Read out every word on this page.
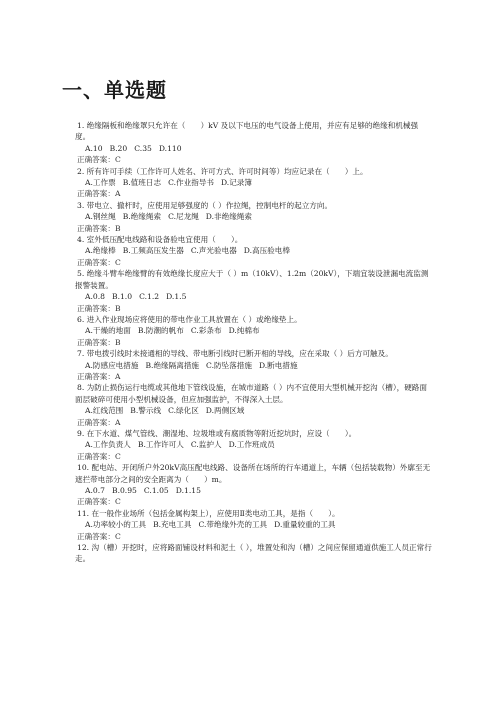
一、单选题
1. 绝缘隔板和绝缘罩只允许在（　　）kV 及以下电压的电气设备上使用，并应有足够的绝缘和机械强度。
A.10 B.20 C.35 D.110
正确答案：C
2. 所有许可手续（工作许可人姓名、许可方式、许可时间等）均应记录在（　　）上。
A.工作票 B.值班日志 C.作业指导书 D.记录簿
正确答案：A
3. 带电立、撤杆时，应使用足够强度的（ ）作拉绳，控制电杆的起立方向。
A.钢丝绳 B.绝缘绳索 C.尼龙绳 D.非绝缘绳索
正确答案：B
4. 室外低压配电线路和设备验电宜使用（　　）。
A.绝缘棒 B.工频高压发生器 C.声光验电器 D.高压验电棒
正确答案：C
5. 绝缘斗臂车绝缘臂的有效绝缘长度应大于（ ）m（10kV）、1.2m（20kV），下端宜装设泄漏电流监测报警装置。
A.0.8 B.1.0 C.1.2 D.1.5
正确答案：B
6. 进入作业现场应将使用的带电作业工具放置在（ ）或绝缘垫上。
A.干燥的地面 B.防潮的帆布 C.彩条布 D.纯棉布
正确答案：B
7. 带电拨引线时未接通相的导线、带电断引线时已断开相的导线，应在采取（ ）后方可触及。
A.防感应电措施 B.绝缘隔离措施 C.防坠落措施 D.断电措施
正确答案：A
8. 为防止损伤运行电缆或其他地下管线设施，在城市道路（ ）内不宜使用大型机械开挖沟（槽），硬路面面层破碎可使用小型机械设备，但应加强监护，不得深入土层。
A.红线范围 B.警示线 C.绿化区 D.两侧区域
正确答案：A
9. 在下水道、煤气管线、潮湿地、垃圾堆或有腐质物等附近挖坑时，应设（　　）。
A.工作负责人 B.工作许可人 C.监护人 D.工作班成员
正确答案：C
10. 配电站、开闭所户外20kV高压配电线路、设备所在场所的行车通道上，车辆（包括装载物）外廓至无遮拦带电部分之间的安全距离为（　　）m。
A.0.7 B.0.95 C.1.05 D.1.15
正确答案：C
11. 在一般作业场所（包括金属构架上），应使用Ⅱ类电动工具，是指（　　）。
A.功率较小的工具 B.充电工具 C.带绝缘外壳的工具 D.重量较重的工具
正确答案：C
12. 沟（槽）开挖时，应将路面铺设材料和泥土（ ），堆置处和沟（槽）之间应保留通道供施工人员正常行走。
